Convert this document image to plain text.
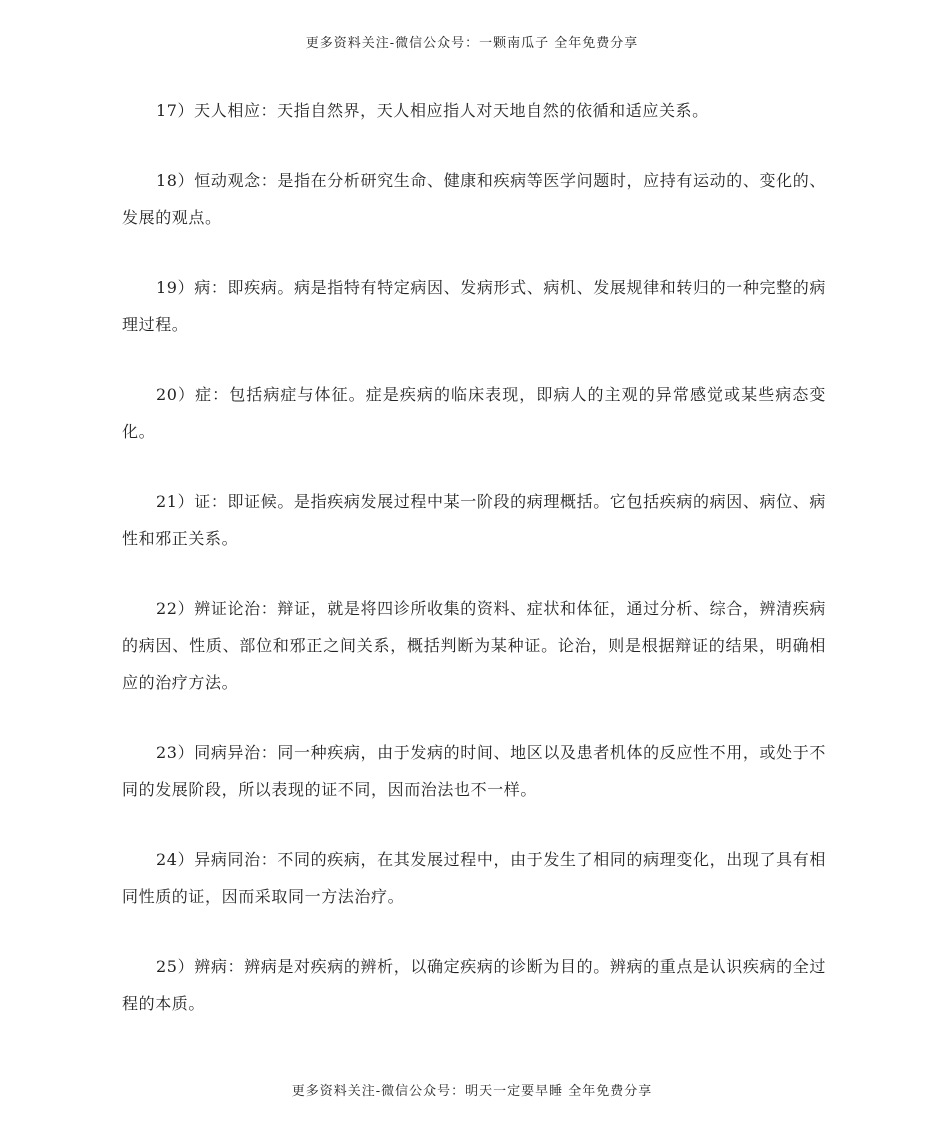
更多资料关注-微信公众号：一颗南瓜子 全年免费分享

17）天人相应：天指自然界，天人相应指人对天地自然的依循和适应关系。

18）恒动观念：是指在分析研究生命、健康和疾病等医学问题时，应持有运动的、变化的、发展的观点。

19）病：即疾病。病是指特有特定病因、发病形式、病机、发展规律和转归的一种完整的病理过程。

20）症：包括病症与体征。症是疾病的临床表现，即病人的主观的异常感觉或某些病态变化。

21）证：即证候。是指疾病发展过程中某一阶段的病理概括。它包括疾病的病因、病位、病性和邪正关系。

22）辨证论治：辩证，就是将四诊所收集的资料、症状和体征，通过分析、综合，辨清疾病的病因、性质、部位和邪正之间关系，概括判断为某种证。论治，则是根据辩证的结果，明确相应的治疗方法。

23）同病异治：同一种疾病，由于发病的时间、地区以及患者机体的反应性不用，或处于不同的发展阶段，所以表现的证不同，因而治法也不一样。

24）异病同治：不同的疾病，在其发展过程中，由于发生了相同的病理变化，出现了具有相同性质的证，因而采取同一方法治疗。

25）辨病：辨病是对疾病的辨析，以确定疾病的诊断为目的。辨病的重点是认识疾病的全过程的本质。

更多资料关注-微信公众号：明天一定要早睡 全年免费分享
